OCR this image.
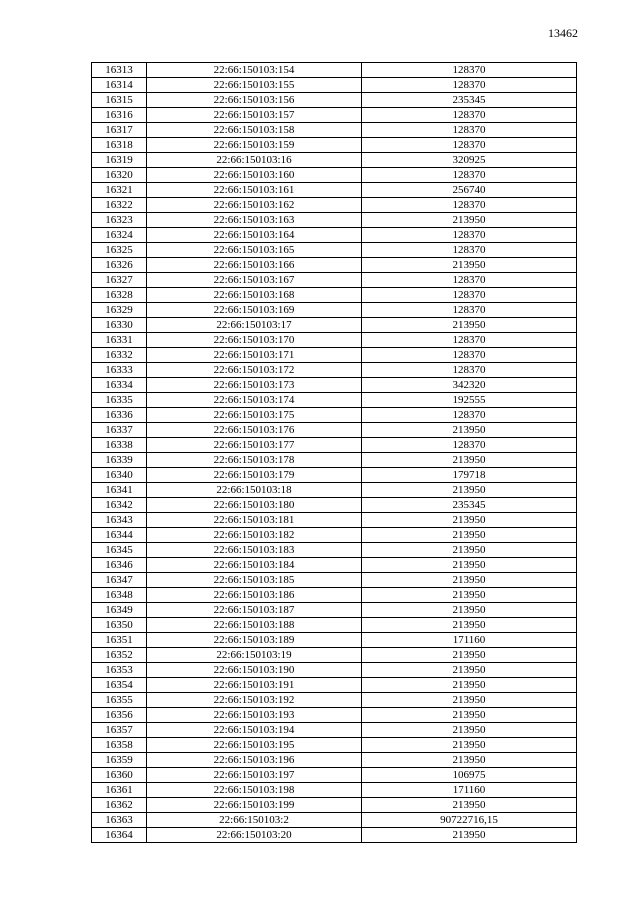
13462
16313	22:66:150103:154	128370
16314	22:66:150103:155	128370
16315	22:66:150103:156	235345
16316	22:66:150103:157	128370
16317	22:66:150103:158	128370
16318	22:66:150103:159	128370
16319	22:66:150103:16	320925
16320	22:66:150103:160	128370
16321	22:66:150103:161	256740
16322	22:66:150103:162	128370
16323	22:66:150103:163	213950
16324	22:66:150103:164	128370
16325	22:66:150103:165	128370
16326	22:66:150103:166	213950
16327	22:66:150103:167	128370
16328	22:66:150103:168	128370
16329	22:66:150103:169	128370
16330	22:66:150103:17	213950
16331	22:66:150103:170	128370
16332	22:66:150103:171	128370
16333	22:66:150103:172	128370
16334	22:66:150103:173	342320
16335	22:66:150103:174	192555
16336	22:66:150103:175	128370
16337	22:66:150103:176	213950
16338	22:66:150103:177	128370
16339	22:66:150103:178	213950
16340	22:66:150103:179	179718
16341	22:66:150103:18	213950
16342	22:66:150103:180	235345
16343	22:66:150103:181	213950
16344	22:66:150103:182	213950
16345	22:66:150103:183	213950
16346	22:66:150103:184	213950
16347	22:66:150103:185	213950
16348	22:66:150103:186	213950
16349	22:66:150103:187	213950
16350	22:66:150103:188	213950
16351	22:66:150103:189	171160
16352	22:66:150103:19	213950
16353	22:66:150103:190	213950
16354	22:66:150103:191	213950
16355	22:66:150103:192	213950
16356	22:66:150103:193	213950
16357	22:66:150103:194	213950
16358	22:66:150103:195	213950
16359	22:66:150103:196	213950
16360	22:66:150103:197	106975
16361	22:66:150103:198	171160
16362	22:66:150103:199	213950
16363	22:66:150103:2	90722716,15
16364	22:66:150103:20	213950
